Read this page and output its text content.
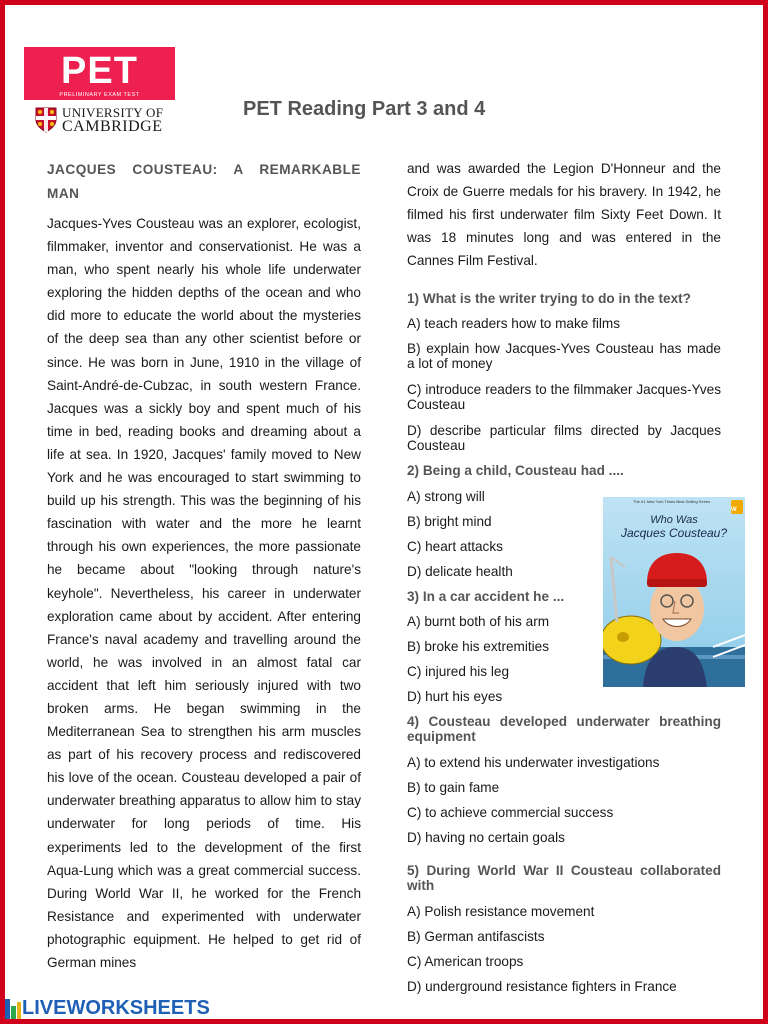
PET
PRELIMINARY EXAM TEST
UNIVERSITY OF
CAMBRIDGE
PET Reading Part 3 and 4

JACQUES COUSTEAU: A REMARKABLE

MAN

Jacques-Yves Cousteau was an explorer, ecologist, filmmaker, inventor and conservationist. He was a man, who spent nearly his whole life underwater exploring the hidden depths of the ocean and who did more to educate the world about the mysteries of the deep sea than any other scientist before or since. He was born in June, 1910 in the village of Saint-André-de-Cubzac, in south western France. Jacques was a sickly boy and spent much of his time in bed, reading books and dreaming about a life at sea. In 1920, Jacques' family moved to New York and he was encouraged to start swimming to build up his strength. This was the beginning of his fascination with water and the more he learnt through his own experiences, the more passionate he became about "looking through nature's keyhole". Nevertheless, his career in underwater exploration came about by accident. After entering France's naval academy and travelling around the world, he was involved in an almost fatal car accident that left him seriously injured with two broken arms. He began swimming in the Mediterranean Sea to strengthen his arm muscles as part of his recovery process and rediscovered his love of the ocean. Cousteau developed a pair of underwater breathing apparatus to allow him to stay underwater for long periods of time. His experiments led to the development of the first Aqua-Lung which was a great commercial success. During World War II, he worked for the French Resistance and experimented with underwater photographic equipment. He helped to get rid of German mines

and was awarded the Legion D'Honneur and the Croix de Guerre medals for his bravery. In 1942, he filmed his first underwater film Sixty Feet Down. It was 18 minutes long and was entered in the Cannes Film Festival.

1) What is the writer trying to do in the text?

A) teach readers how to make films

B) explain how Jacques-Yves Cousteau has made a lot of money

C) introduce readers to the filmmaker Jacques-Yves Cousteau

D) describe particular films directed by Jacques Cousteau

2) Being a child, Cousteau had ....

A) strong will

B) bright mind

C) heart attacks

D) delicate health

3) In a car accident he ...

A) burnt both of his arm

B) broke his extremities

C) injured his leg

D) hurt his eyes

4) Cousteau developed underwater breathing equipment

A) to extend his underwater investigations

B) to gain fame

C) to achieve commercial success

D) having no certain goals

5) During World War II Cousteau collaborated with

A) Polish resistance movement

B) German antifascists

C) American troops

D) underground resistance fighters in France

W
The #1 New York Times Best-Selling Series
Who Was
Jacques Cousteau?
LIVEWORKSHEETS
